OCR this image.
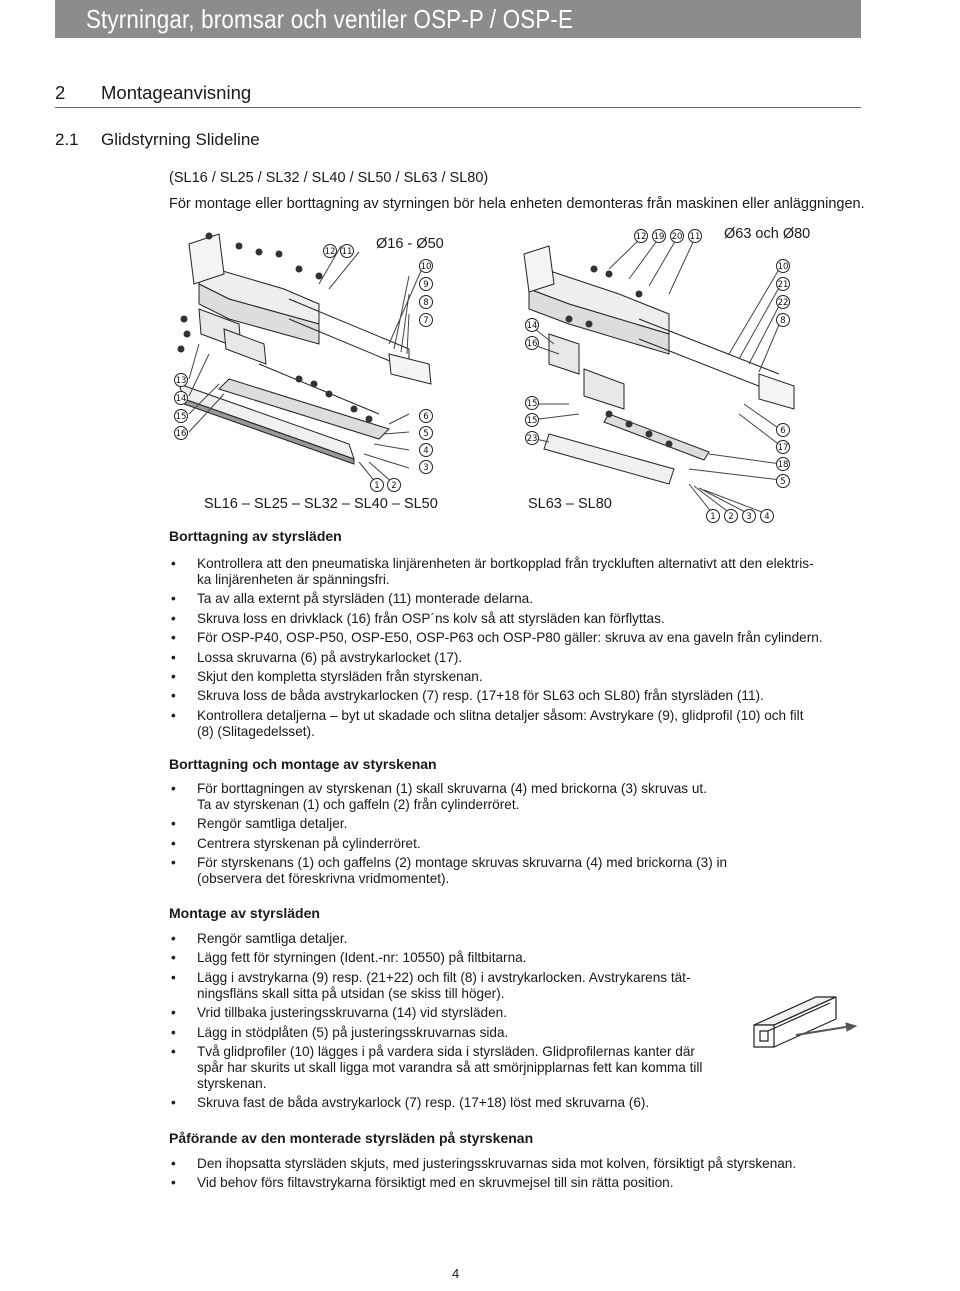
Styrningar, bromsar och ventiler OSP-P / OSP-E
2 Montageanvisning
2.1 Glidstyrning Slideline
(SL16 / SL25 / SL32 / SL40 / SL50 / SL63 / SL80)
För montage eller borttagning av styrningen bör hela enheten demonteras från maskinen eller anläggningen.
Ø16 - Ø50
Ø63 och Ø80
12 11
10
9
8
7
6
5
4
3
13
14
15
16
1 2
12 19 20 11
10
21
22
8
6
17
18
5
14
16
15
15
23
1 2 3 4
SL16 – SL25 – SL32 – SL40 – SL50	SL63 – SL80
Borttagning av styrsläden
• Kontrollera att den pneumatiska linjärenheten är bortkopplad från tryckluften alternativt att den elektris-
ka linjärenheten är spänningsfri.
• Ta av alla externt på styrsläden (11) monterade delarna.
• Skruva loss en drivklack (16) från OSP´ns kolv så att styrsläden kan förflyttas.
• För OSP-P40, OSP-P50, OSP-E50, OSP-P63 och OSP-P80 gäller: skruva av ena gaveln från cylindern.
• Lossa skruvarna (6) på avstrykarlocket (17).
• Skjut den kompletta styrsläden från styrskenan.
• Skruva loss de båda avstrykarlocken (7) resp. (17+18 för SL63 och SL80) från styrsläden (11).
• Kontrollera detaljerna – byt ut skadade och slitna detaljer såsom: Avstrykare (9), glidprofil (10) och filt
(8) (Slitagedelsset).
Borttagning och montage av styrskenan
• För borttagningen av styrskenan (1) skall skruvarna (4) med brickorna (3) skruvas ut.
Ta av styrskenan (1) och gaffeln (2) från cylinderröret.
• Rengör samtliga detaljer.
• Centrera styrskenan på cylinderröret.
• För styrskenans (1) och gaffelns (2) montage skruvas skruvarna (4) med brickorna (3) in
(observera det föreskrivna vridmomentet).
Montage av styrsläden
• Rengör samtliga detaljer.
• Lägg fett för styrningen (Ident.-nr: 10550) på filtbitarna.
• Lägg i avstrykarna (9) resp. (21+22) och filt (8) i avstrykarlocken. Avstrykarens tät-
ningsfläns skall sitta på utsidan (se skiss till höger).
• Vrid tillbaka justeringsskruvarna (14) vid styrsläden.
• Lägg in stödplåten (5) på justeringsskruvarnas sida.
• Två glidprofiler (10) lägges i på vardera sida i styrsläden. Glidprofilernas kanter där
spår har skurits ut skall ligga mot varandra så att smörjnipplarnas fett kan komma till
styrskenan.
• Skruva fast de båda avstrykarlock (7) resp. (17+18) löst med skruvarna (6).
Påförande av den monterade styrsläden på styrskenan
• Den ihopsatta styrsläden skjuts, med justeringsskruvarnas sida mot kolven, försiktigt på styrskenan.
• Vid behov förs filtavstrykarna försiktigt med en skruvmejsel till sin rätta position.
4
